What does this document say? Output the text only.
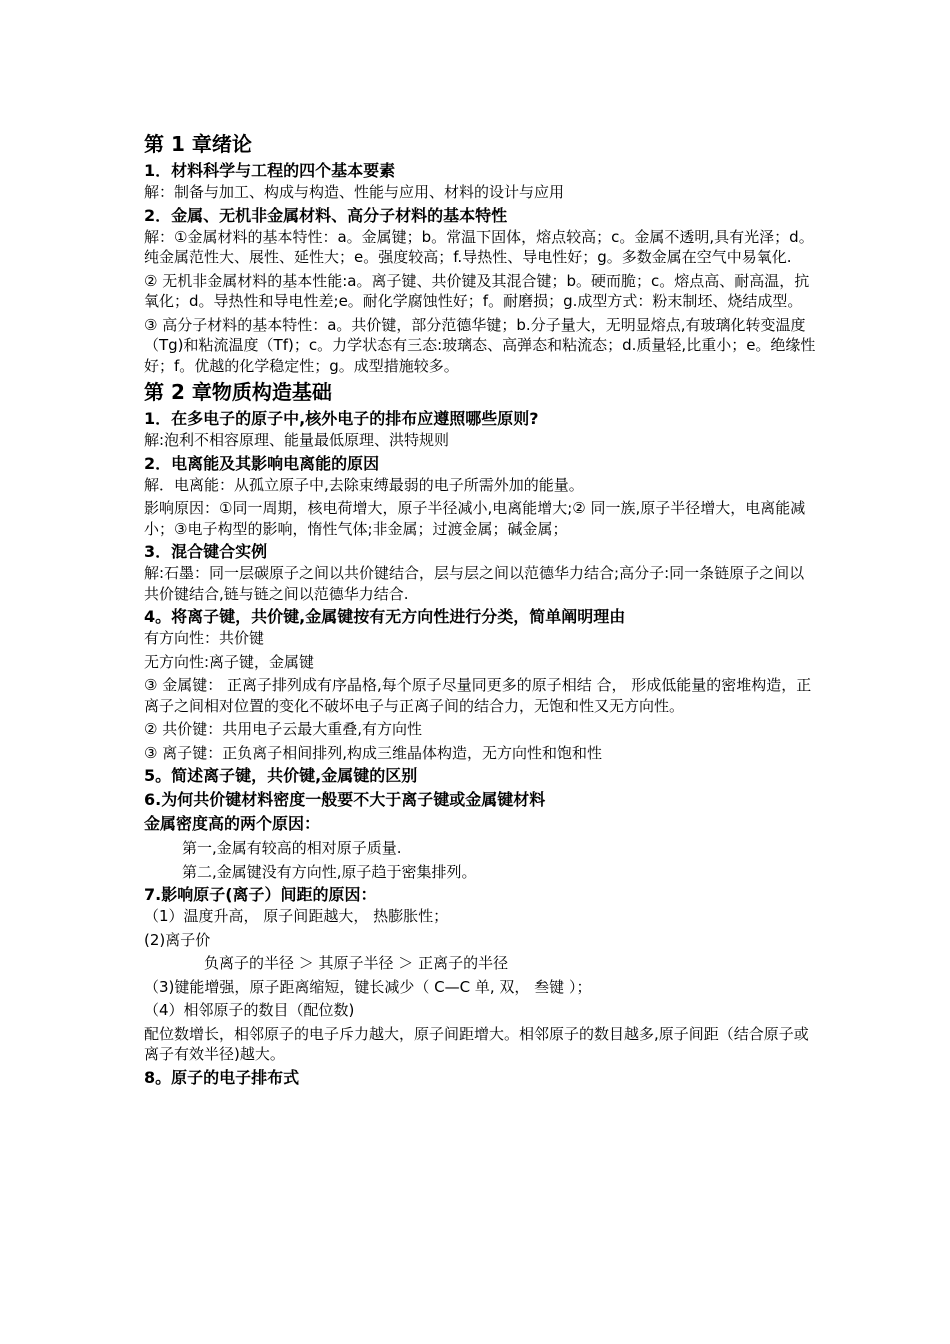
第 1 章绪论
1．材料科学与工程的四个基本要素
解：制备与加工、构成与构造、性能与应用、材料的设计与应用
2．金属、无机非金属材料、高分子材料的基本特性
解：①金属材料的基本特性：a。金属键；b。常温下固体，熔点较高；c。金属不透明,具有光泽；d。纯金属范性大、展性、延性大；e。强度较高；f.导热性、导电性好；g。多数金属在空气中易氧化.
② 无机非金属材料的基本性能:a。离子键、共价键及其混合键；b。硬而脆；c。熔点高、耐高温，抗氧化；d。导热性和导电性差;e。耐化学腐蚀性好；f。耐磨损；g.成型方式：粉末制坯、烧结成型。
③ 高分子材料的基本特性：a。共价键，部分范德华键；b.分子量大，无明显熔点,有玻璃化转变温度（Tg)和粘流温度（Tf)；c。力学状态有三态:玻璃态、高弹态和粘流态；d.质量轻,比重小；e。绝缘性好；f。优越的化学稳定性；g。成型措施较多。
第 2 章物质构造基础
1．在多电子的原子中,核外电子的排布应遵照哪些原则?
解:泡利不相容原理、能量最低原理、洪特规则
2．电离能及其影响电离能的原因
解．电离能：从孤立原子中,去除束缚最弱的电子所需外加的能量。
影响原因：①同一周期，核电荷增大，原子半径减小,电离能增大;② 同一族,原子半径增大，电离能减小；③电子构型的影响，惰性气体;非金属；过渡金属；碱金属；
3．混合键合实例
解:石墨：同一层碳原子之间以共价键结合，层与层之间以范德华力结合;高分子:同一条链原子之间以共价键结合,链与链之间以范德华力结合.
4。将离子键，共价键,金属键按有无方向性进行分类，简单阐明理由
有方向性：共价键
无方向性:离子键，金属键
③ 金属键： 正离子排列成有序晶格,每个原子尽量同更多的原子相结 合， 形成低能量的密堆构造，正离子之间相对位置的变化不破坏电子与正离子间的结合力，无饱和性又无方向性。
② 共价键：共用电子云最大重叠,有方向性
③ 离子键：正负离子相间排列,构成三维晶体构造，无方向性和饱和性
5。简述离子键，共价键,金属键的区别
6.为何共价键材料密度一般要不大于离子键或金属键材料
金属密度高的两个原因：
第一,金属有较高的相对原子质量.
第二,金属键没有方向性,原子趋于密集排列。
7.影响原子(离子）间距的原因：
（1）温度升高， 原子间距越大， 热膨胀性；
(2)离子价
负离子的半径 ＞ 其原子半径 ＞ 正离子的半径
（3)键能增强，原子距离缩短，键长减少（ C—C 单, 双， 叁键 ）；
（4）相邻原子的数目（配位数)
配位数增长，相邻原子的电子斥力越大，原子间距增大。相邻原子的数目越多,原子间距（结合原子或离子有效半径)越大。
8。原子的电子排布式
